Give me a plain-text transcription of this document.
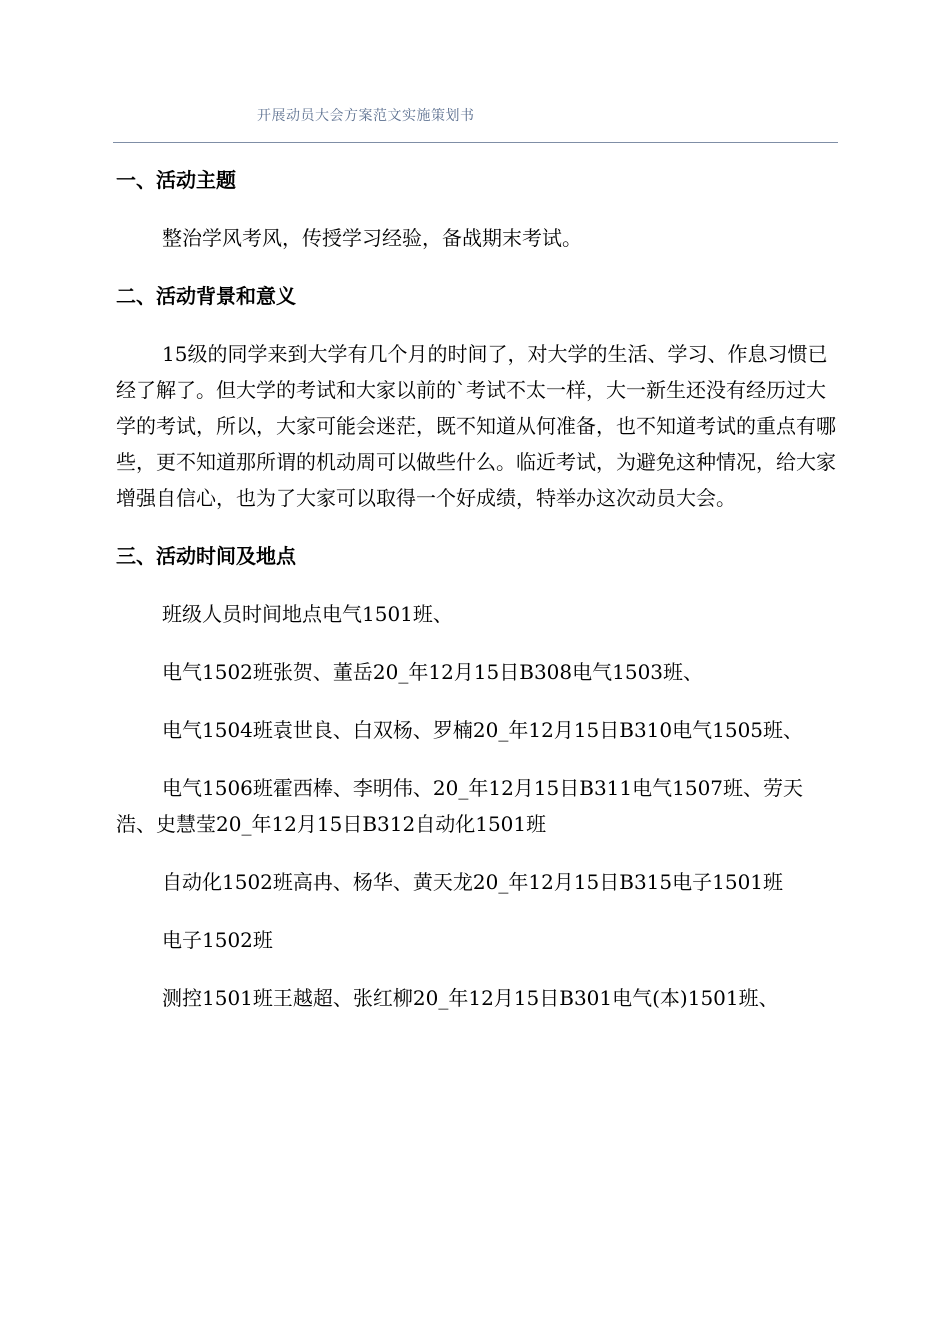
开展动员大会方案范文实施策划书

一、活动主题

整治学风考风，传授学习经验，备战期末考试。

二、活动背景和意义

15级的同学来到大学有几个月的时间了，对大学的生活、学习、作息习惯已经了解了。但大学的考试和大家以前的`考试不太一样，大一新生还没有经历过大学的考试，所以，大家可能会迷茫，既不知道从何准备，也不知道考试的重点有哪些，更不知道那所谓的机动周可以做些什么。临近考试，为避免这种情况，给大家增强自信心，也为了大家可以取得一个好成绩，特举办这次动员大会。

三、活动时间及地点

班级人员时间地点电气1501班、

电气1502班张贺、董岳20_年12月15日B308电气1503班、

电气1504班袁世良、白双杨、罗楠20_年12月15日B310电气1505班、

电气1506班霍西棒、李明伟、20_年12月15日B311电气1507班、劳天浩、史慧莹20_年12月15日B312自动化1501班

自动化1502班高冉、杨华、黄天龙20_年12月15日B315电子1501班

电子1502班

测控1501班王越超、张红柳20_年12月15日B301电气(本)1501班、
